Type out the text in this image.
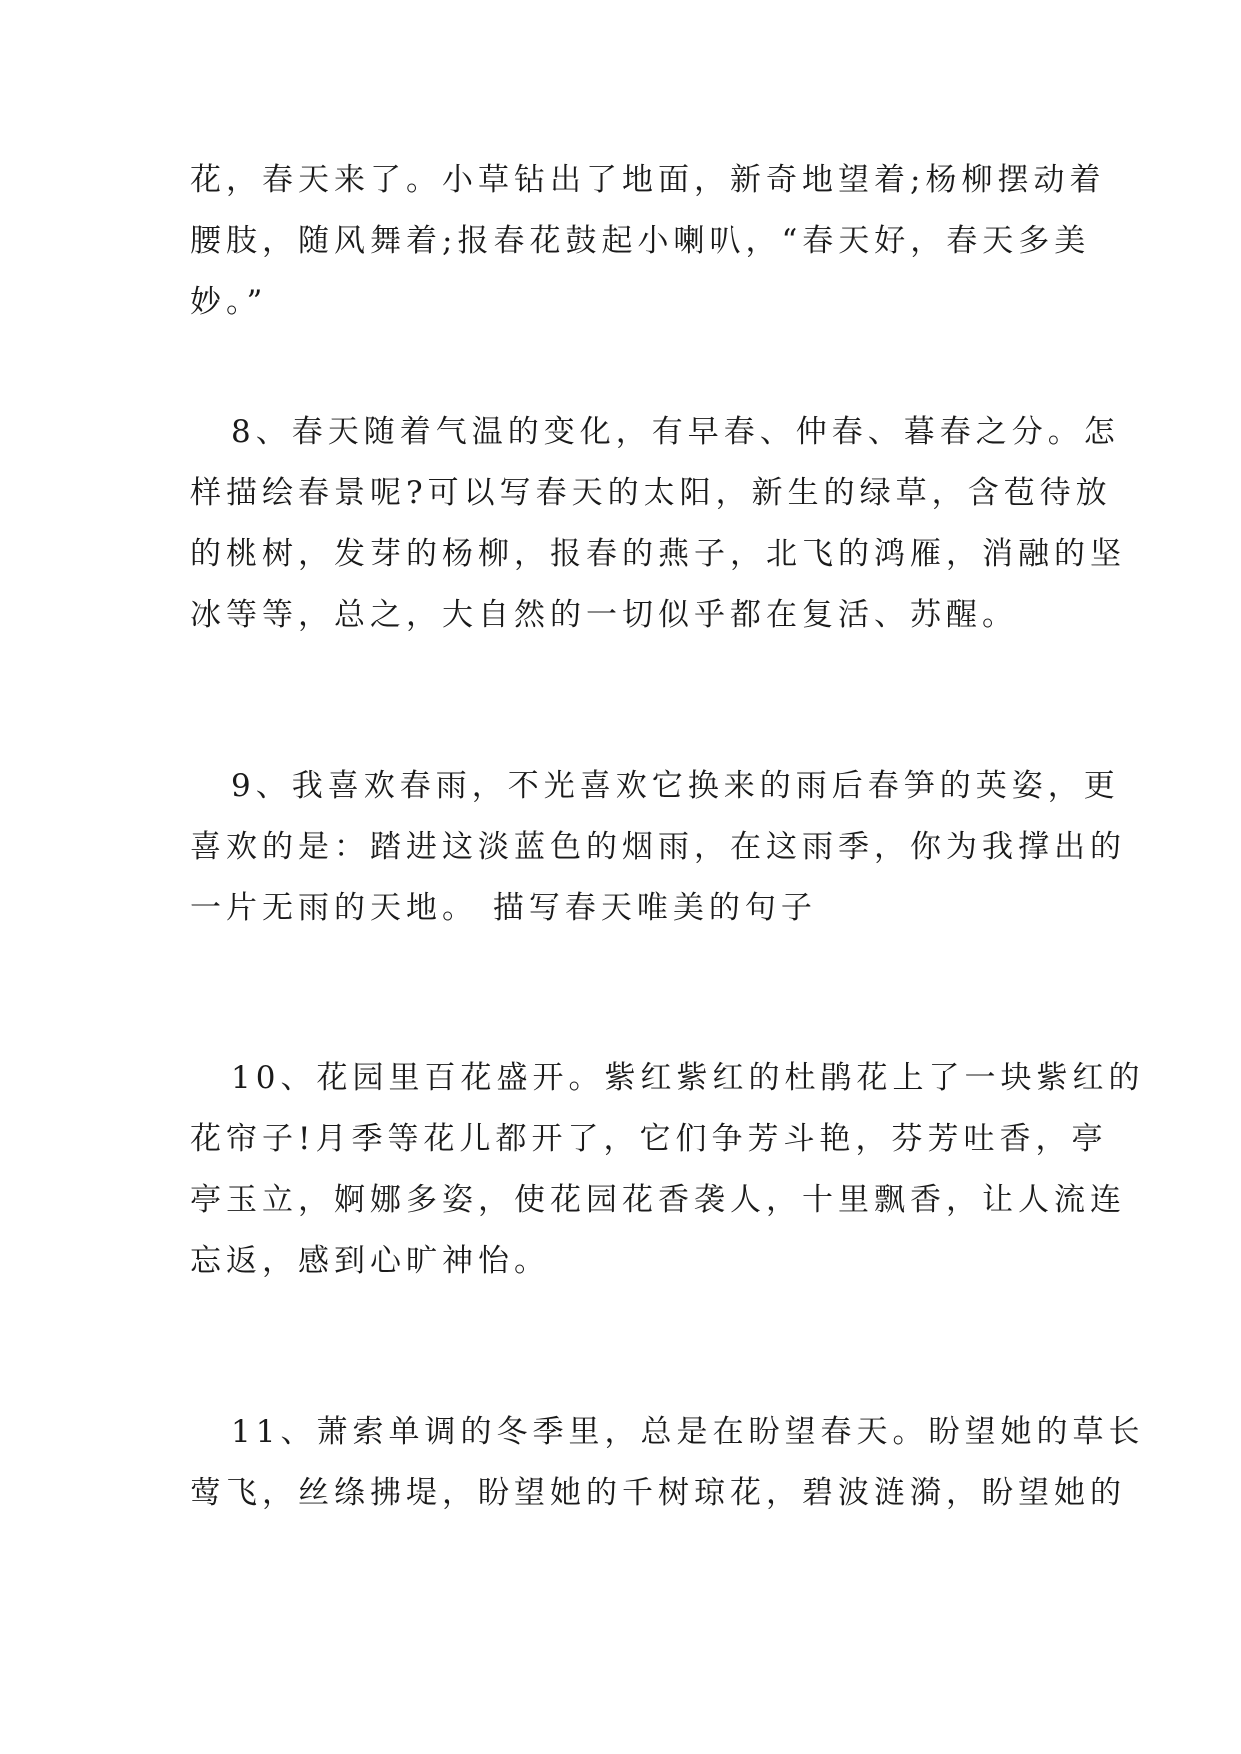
花，春天来了。小草钻出了地面，新奇地望着;杨柳摆动着
腰肢，随风舞着;报春花鼓起小喇叭，“春天好，春天多美
妙。”
8、春天随着气温的变化，有早春、仲春、暮春之分。怎
样描绘春景呢?可以写春天的太阳，新生的绿草，含苞待放
的桃树，发芽的杨柳，报春的燕子，北飞的鸿雁，消融的坚
冰等等，总之，大自然的一切似乎都在复活、苏醒。
9、我喜欢春雨，不光喜欢它换来的雨后春笋的英姿，更
喜欢的是：踏进这淡蓝色的烟雨，在这雨季，你为我撑出的
一片无雨的天地。 描写春天唯美的句子
10、花园里百花盛开。紫红紫红的杜鹃花上了一块紫红的
花帘子!月季等花儿都开了，它们争芳斗艳，芬芳吐香，亭
亭玉立，婀娜多姿，使花园花香袭人，十里飘香，让人流连
忘返，感到心旷神怡。
11、萧索单调的冬季里，总是在盼望春天。盼望她的草长
莺飞，丝绦拂堤，盼望她的千树琼花，碧波涟漪，盼望她的
